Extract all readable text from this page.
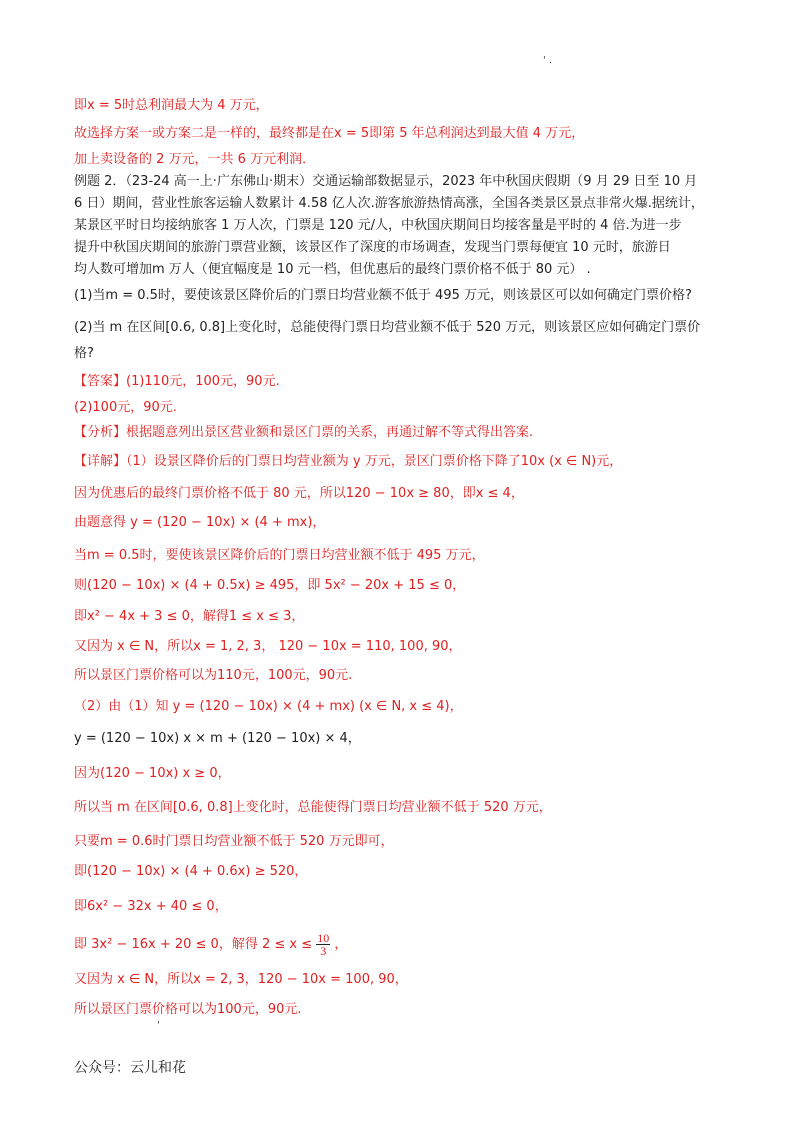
' .
即x = 5时总利润最大为 4 万元，
故选择方案一或方案二是一样的，最终都是在x = 5即第 5 年总利润达到最大值 4 万元，
加上卖设备的 2 万元，一共 6 万元利润．
例题 2．（23-24 高一上·广东佛山·期末）交通运输部数据显示，2023 年中秋国庆假期（9 月 29 日至 10 月
6 日）期间，营业性旅客运输人数累计 4.58 亿人次.游客旅游热情高涨，全国各类景区景点非常火爆.据统计，
某景区平时日均接纳旅客 1 万人次，门票是 120 元/人，中秋国庆期间日均接客量是平时的 4 倍.为进一步
提升中秋国庆期间的旅游门票营业额，该景区作了深度的市场调查，发现当门票每便宜 10 元时，旅游日
均人数可增加m 万人（便宜幅度是 10 元一档，但优惠后的最终门票价格不低于 80 元） .
(1)当m = 0.5时，要使该景区降价后的门票日均营业额不低于 495 万元，则该景区可以如何确定门票价格?
(2)当 m 在区间[0.6, 0.8]上变化时，总能使得门票日均营业额不低于 520 万元，则该景区应如何确定门票价
格?
【答案】(1)110元，100元，90元.
(2)100元，90元.
【分析】根据题意列出景区营业额和景区门票的关系，再通过解不等式得出答案.
【详解】（1）设景区降价后的门票日均营业额为 y 万元，景区门票价格下降了10x (x ∈ N)元，
因为优惠后的最终门票价格不低于 80 元，所以120 − 10x ≥ 80，即x ≤ 4，
由题意得 y = (120 − 10x) × (4 + mx)，
当m = 0.5时，要使该景区降价后的门票日均营业额不低于 495 万元，
则(120 − 10x) × (4 + 0.5x) ≥ 495，即 5x² − 20x + 15 ≤ 0，
即x² − 4x + 3 ≤ 0，解得1 ≤ x ≤ 3，
又因为 x ∈ N，所以x = 1, 2, 3， 120 − 10x = 110, 100, 90，
所以景区门票价格可以为110元，100元，90元.
（2）由（1）知 y = (120 − 10x) × (4 + mx) (x ∈ N, x ≤ 4)，
y = (120 − 10x) x × m + (120 − 10x) × 4，
因为(120 − 10x) x ≥ 0，
所以当 m 在区间[0.6, 0.8]上变化时，总能使得门票日均营业额不低于 520 万元，
只要m = 0.6时门票日均营业额不低于 520 万元即可，
即(120 − 10x) × (4 + 0.6x) ≥ 520，
即6x² − 32x + 40 ≤ 0，
即 3x² − 16x + 20 ≤ 0，解得 $2 \le x \le \frac{10}{3}$ ，
又因为 x ∈ N，所以x = 2, 3，120 − 10x = 100, 90，
所以景区门票价格可以为100元，90元.
'
公众号：云儿和花
